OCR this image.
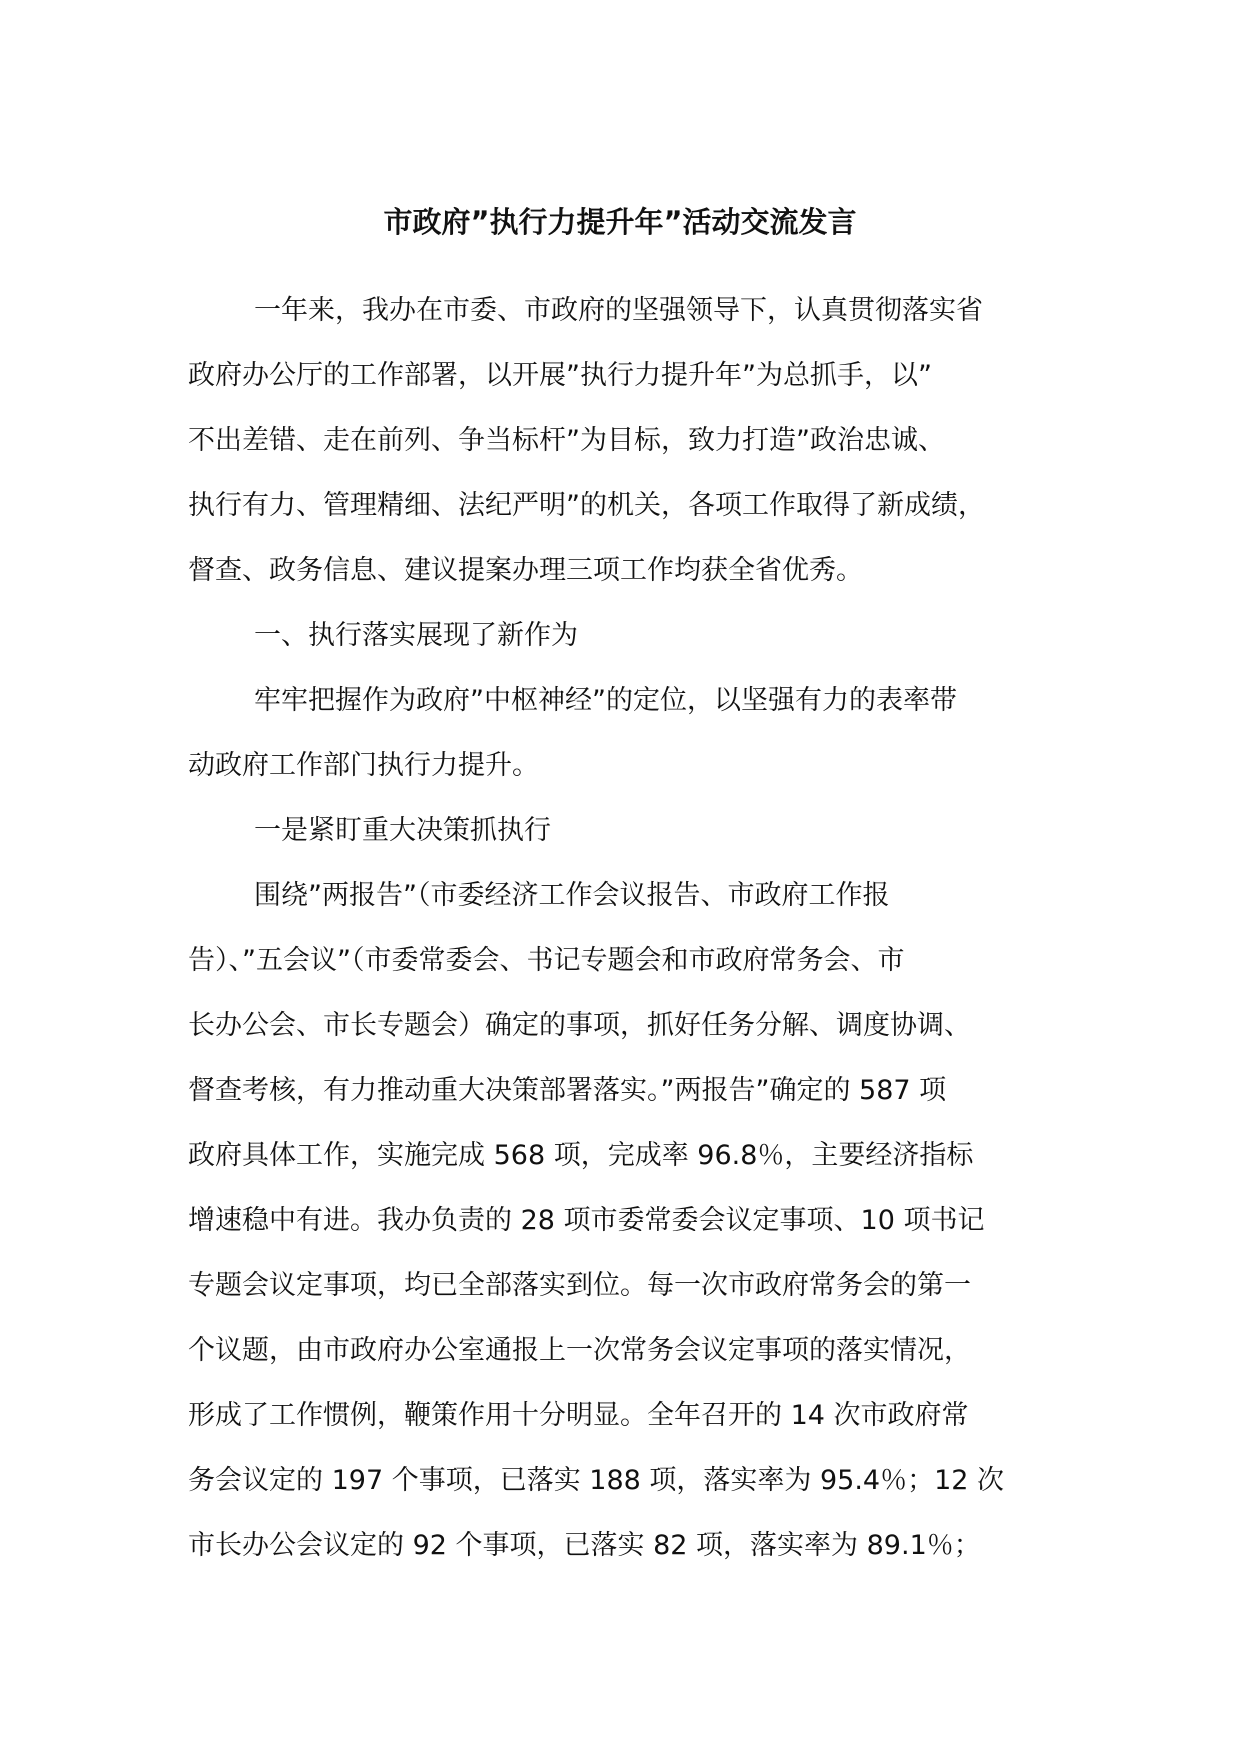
市政府”执行力提升年”活动交流发言
一年来，我办在市委、市政府的坚强领导下，认真贯彻落实省
政府办公厅的工作部署，以开展”执行力提升年”为总抓手，以”
不出差错、走在前列、争当标杆”为目标，致力打造”政治忠诚、
执行有力、管理精细、法纪严明”的机关，各项工作取得了新成绩，
督查、政务信息、建议提案办理三项工作均获全省优秀。
一、执行落实展现了新作为
牢牢把握作为政府”中枢神经”的定位，以坚强有力的表率带
动政府工作部门执行力提升。
一是紧盯重大决策抓执行
围绕”两报告”（市委经济工作会议报告、市政府工作报
告）、”五会议”（市委常委会、书记专题会和市政府常务会、市
长办公会、市长专题会）确定的事项，抓好任务分解、调度协调、
督查考核，有力推动重大决策部署落实。”两报告”确定的 587 项
政府具体工作，实施完成 568 项，完成率 96.8％，主要经济指标
增速稳中有进。我办负责的 28 项市委常委会议定事项、10 项书记
专题会议定事项，均已全部落实到位。每一次市政府常务会的第一
个议题，由市政府办公室通报上一次常务会议定事项的落实情况，
形成了工作惯例，鞭策作用十分明显。全年召开的 14 次市政府常
务会议定的 197 个事项，已落实 188 项，落实率为 95.4％；12 次
市长办公会议定的 92 个事项，已落实 82 项，落实率为 89.1％；
